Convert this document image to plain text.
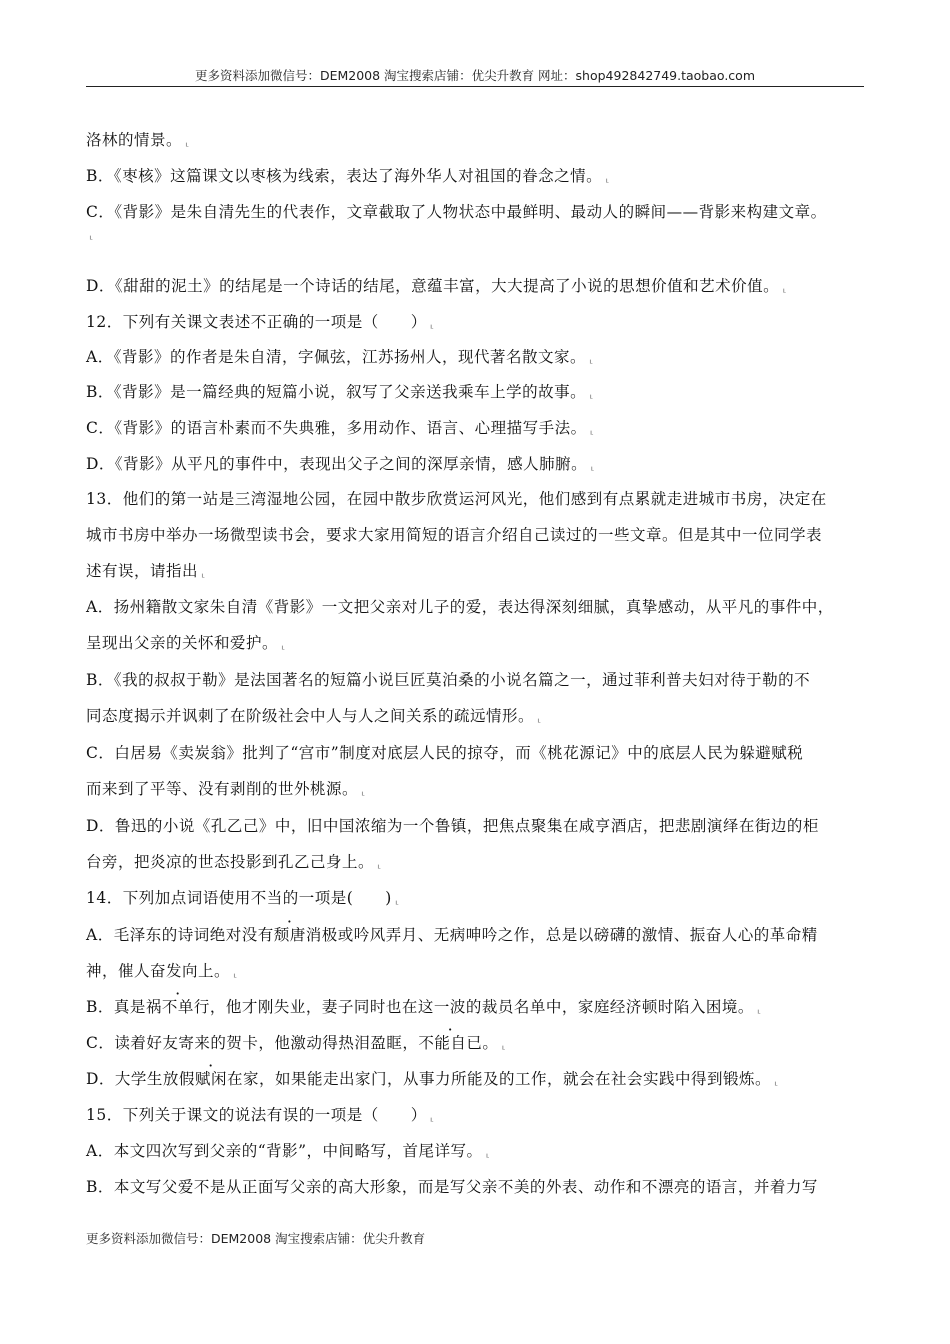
更多资料添加微信号：DEM2008 淘宝搜索店铺：优尖升教育 网址：shop492842749.taobao.com
洛林的情景。 ⸤
B．《枣核》这篇课文以枣核为线索，表达了海外华人对祖国的眷念之情。 ⸤
C．《背影》是朱自清先生的代表作，文章截取了人物状态中最鲜明、最动人的瞬间——背影来构建文章。
⸤
D．《甜甜的泥土》的结尾是一个诗话的结尾，意蕴丰富，大大提高了小说的思想价值和艺术价值。 ⸤
12．下列有关课文表述不正确的一项是（　　） ⸤
A．《背影》的作者是朱自清，字佩弦，江苏扬州人，现代著名散文家。 ⸤
B．《背影》是一篇经典的短篇小说，叙写了父亲送我乘车上学的故事。 ⸤
C．《背影》的语言朴素而不失典雅，多用动作、语言、心理描写手法。 ⸤
D．《背影》从平凡的事件中，表现出父子之间的深厚亲情，感人肺腑。 ⸤
13．他们的第一站是三湾湿地公园，在园中散步欣赏运河风光，他们感到有点累就走进城市书房，决定在
城市书房中举办一场微型读书会，要求大家用简短的语言介绍自己读过的一些文章。但是其中一位同学表
述有误，请指出 ⸤
A．扬州籍散文家朱自清《背影》一文把父亲对儿子的爱，表达得深刻细腻，真挚感动，从平凡的事件中，
呈现出父亲的关怀和爱护。 ⸤
B．《我的叔叔于勒》是法国著名的短篇小说巨匠莫泊桑的小说名篇之一，通过菲利普夫妇对待于勒的不
同态度揭示并讽刺了在阶级社会中人与人之间关系的疏远情形。 ⸤
C．白居易《卖炭翁》批判了“宫市”制度对底层人民的掠夺，而《桃花源记》中的底层人民为躲避赋税
而来到了平等、没有剥削的世外桃源。 ⸤
D．鲁迅的小说《孔乙己》中，旧中国浓缩为一个鲁镇，把焦点聚集在咸亨酒店，把悲剧演绎在街边的柜
台旁，把炎凉的世态投影到孔乙己身上。 ⸤
14．下列加点词语使用不当的一项是(　　) ⸤
A．毛泽东的诗词绝对没有颓唐消极或吟风弄月、无病呻吟之作，总是以磅礴的激情、振奋人心的革命精
神，催人奋发向上。 ⸤
B．真是祸不单行，他才刚失业，妻子同时也在这一波的裁员名单中，家庭经济顿时陷入困境。 ⸤
C．读着好友寄来的贺卡，他激动得热泪盈眶，不能自已。 ⸤
D．大学生放假赋闲在家，如果能走出家门，从事力所能及的工作，就会在社会实践中得到锻炼。 ⸤
15．下列关于课文的说法有误的一项是（　　） ⸤
A．本文四次写到父亲的“背影”，中间略写，首尾详写。 ⸤
B．本文写父爱不是从正面写父亲的高大形象，而是写父亲不美的外表、动作和不漂亮的语言，并着力写
更多资料添加微信号：DEM2008 淘宝搜索店铺：优尖升教育
